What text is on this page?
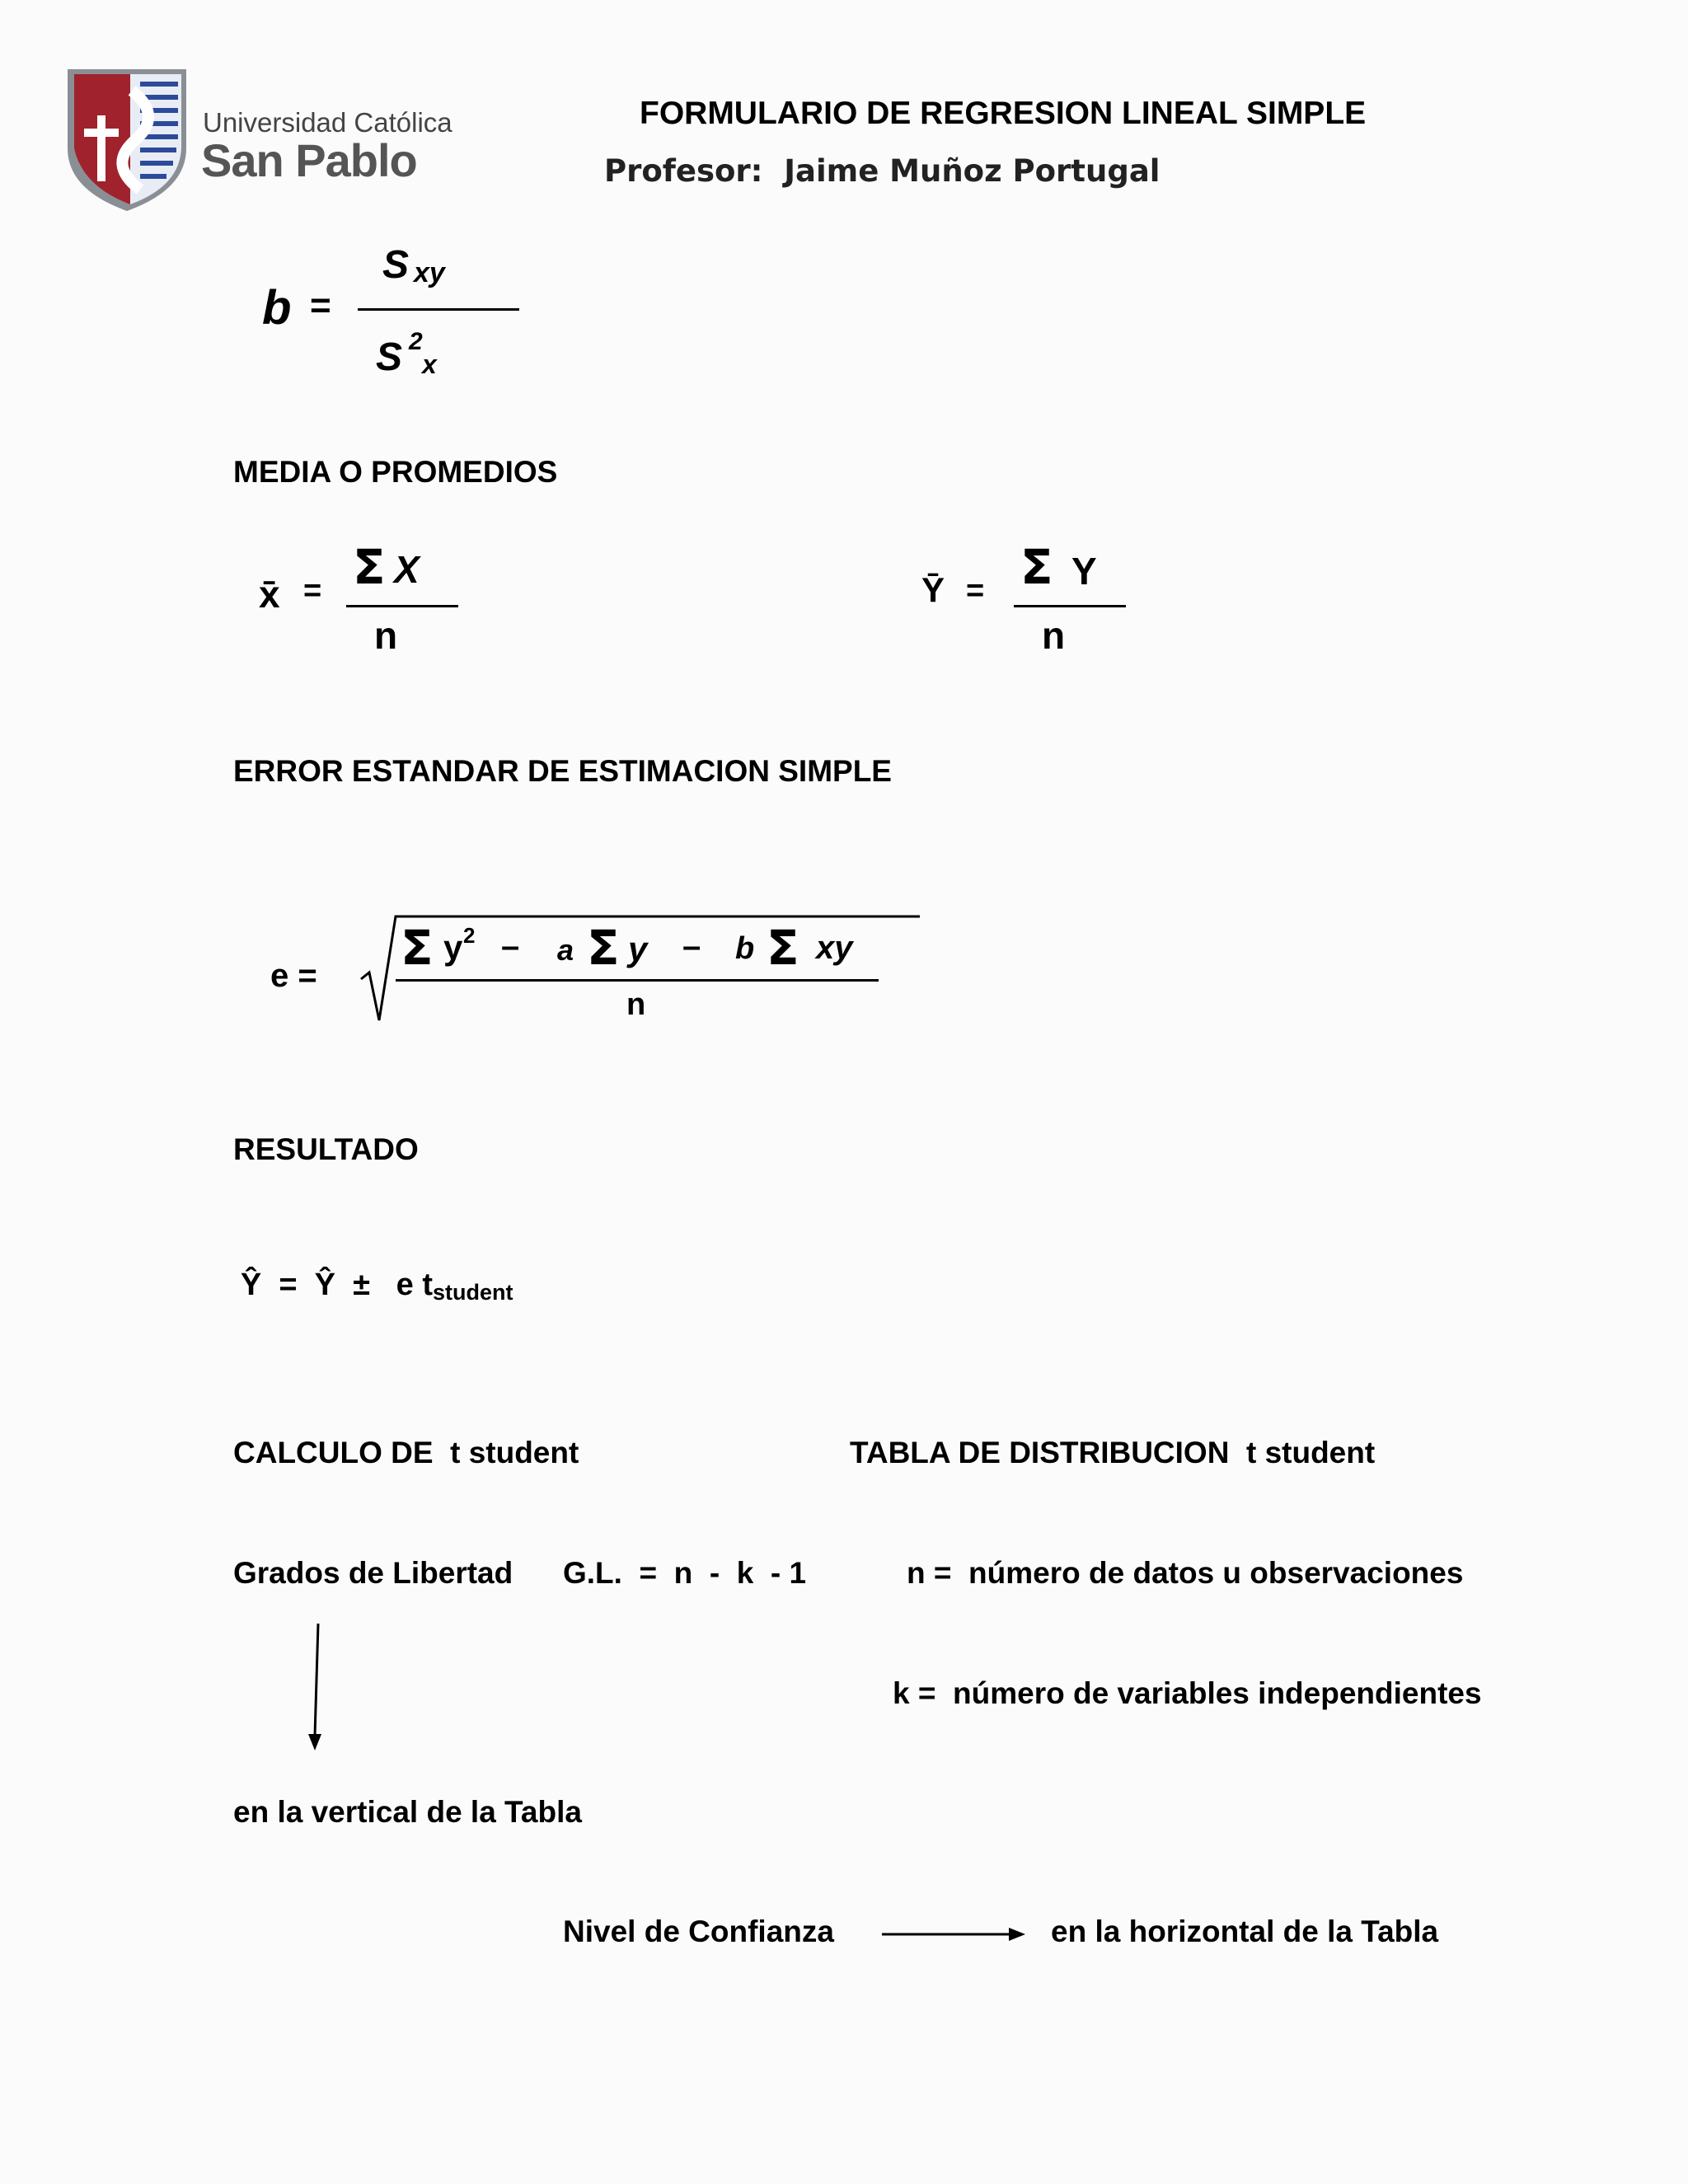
Universidad Católica
San Pablo
FORMULARIO DE REGRESION LINEAL SIMPLE
Profesor: Jaime Muñoz Portugal
b =
S xy
S 2
x
MEDIA O PROMEDIOS
x̄ = Σ X
n
Ȳ = Σ Y
n
ERROR ESTANDAR DE ESTIMACION SIMPLE
e = Σ y 2 – a Σ y – b Σ xy
n
RESULTADO

Ŷ  =  Ŷ  ±   e tstudent

CALCULO DE  t student	TABLA DE DISTRIBUCION  t student
Grados de Libertad G.L.  =  n  -  k  - 1	n =  número de datos u observaciones
k =  número de variables independientes
en la vertical de la Tabla
Nivel de Confianza	en la horizontal de la Tabla
